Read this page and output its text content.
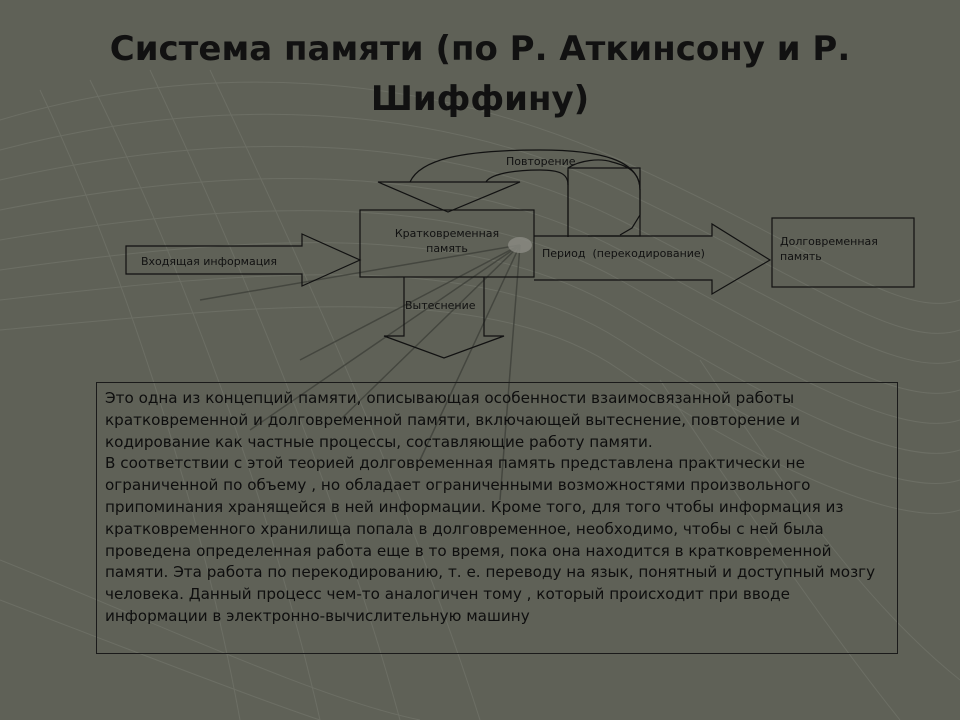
Система памяти (по Р. Аткинсону и Р. Шиффину)
Повторение
Кратковременная память
Входящая информация
Период  (перекодирование)
Долговременная память
Вытеснение

Это одна из концепций памяти, описывающая особенности взаимосвязанной работы кратковременной и долговременной памяти, включающей вытеснение, повторение и кодирование как частные процессы, составляющие работу памяти.

В соответствии с этой теорией долговременная память представлена практически не ограниченной по объему , но обладает ограниченными возможностями произвольного припоминания хранящейся в ней информации. Кроме того, для того чтобы информация из кратковременного хранилища попала в долговременное, необходимо, чтобы с ней была проведена определенная работа еще в то время, пока она находится в кратковременной памяти. Эта работа по перекодированию, т. е. переводу на язык, понятный и доступный мозгу человека. Данный процесс чем-то аналогичен тому , который происходит при вводе информации в электронно-вычислительную машину
